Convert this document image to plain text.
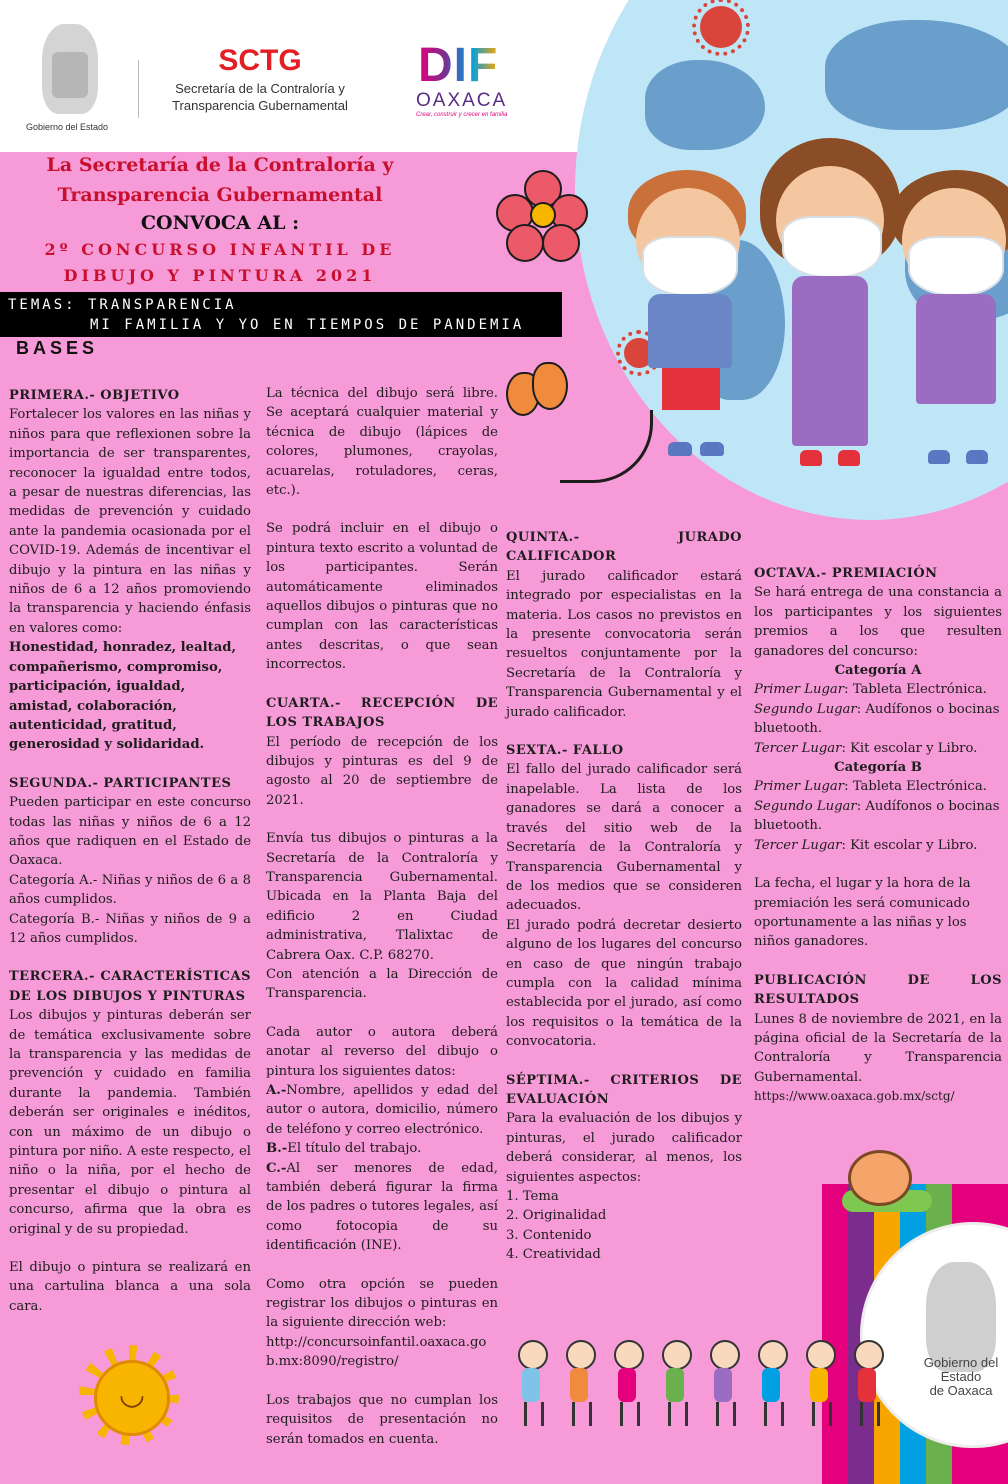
Gobierno del Estado
SCTG
Secretaría de la Contraloría y
Transparencia Gubernamental
DIF
OAXACA
Crear, construir y crecer en familia
La Secretaría de la Contraloría y
Transparencia Gubernamental
CONVOCA AL :
2º CONCURSO INFANTIL DE
DIBUJO Y PINTURA 2021
TEMAS: TRANSPARENCIA
MI FAMILIA Y YO EN TIEMPOS DE PANDEMIA
BASES

PRIMERA.- OBJETIVO

Fortalecer los valores en las niñas y niños para que reflexionen sobre la importancia de ser transparentes, reconocer la igualdad entre todos, a pesar de nuestras diferencias, las medidas de prevención y cuidado ante la pandemia ocasionada por el COVID-19. Además de incentivar el dibujo y la pintura en las niñas y niños de 6 a 12 años promoviendo la transparencia y haciendo énfasis en valores como:

Honestidad, honradez, lealtad, compañerismo, compromiso, participación, igualdad, amistad, colaboración, autenticidad, gratitud, generosidad y solidaridad.

SEGUNDA.- PARTICIPANTES

Pueden participar en este concurso todas las niñas y niños de 6 a 12 años que radiquen en el Estado de Oaxaca.

Categoría A.- Niñas y niños de 6 a 8 años cumplidos.

Categoría B.- Niñas y niños de 9 a 12 años cumplidos.

TERCERA.- CARACTERÍSTICAS DE LOS DIBUJOS Y PINTURAS

Los dibujos y pinturas deberán ser de temática exclusivamente sobre la transparencia y las medidas de prevención y cuidado en familia durante la pandemia. También deberán ser originales e inéditos, con un máximo de un dibujo o pintura por niño. A este respecto, el niño o la niña, por el hecho de presentar el dibujo o pintura al concurso, afirma que la obra es original y de su propiedad.

El dibujo o pintura se realizará en una cartulina blanca a una sola cara.

◡

La técnica del dibujo será libre. Se aceptará cualquier material y técnica de dibujo (lápices de colores, plumones, crayolas, acuarelas, rotuladores, ceras, etc.).

Se podrá incluir en el dibujo o pintura texto escrito a voluntad de los participantes. Serán automáticamente eliminados aquellos dibujos o pinturas que no cumplan con las características antes descritas, o que sean incorrectos.

CUARTA.- RECEPCIÓN DE LOS TRABAJOS

El período de recepción de los dibujos y pinturas es del 9 de agosto al 20 de septiembre de 2021.

Envía tus dibujos o pinturas a la Secretaría de la Contraloría y Transparencia Gubernamental. Ubicada en la Planta Baja del edificio 2 en Ciudad administrativa, Tlalixtac de Cabrera Oax. C.P. 68270.

Con atención a la Dirección de Transparencia.

Cada autor o autora deberá anotar al reverso del dibujo o pintura los siguientes datos:

A.-Nombre, apellidos y edad del autor o autora, domicilio, número de teléfono y correo electrónico.

B.-El título del trabajo.

C.-Al ser menores de edad, también deberá figurar la firma de los padres o tutores legales, así como fotocopia de su identificación (INE).

Como otra opción se pueden registrar los dibujos o pinturas en la siguiente dirección web:

http://concursoinfantil.oaxaca.gob.mx:8090/registro/

Los trabajos que no cumplan los requisitos de presentación no serán tomados en cuenta.

QUINTA.- JURADO CALIFICADOR

El jurado calificador estará integrado por especialistas en la materia. Los casos no previstos en la presente convocatoria serán resueltos conjuntamente por la Secretaría de la Contraloría y Transparencia Gubernamental y el jurado calificador.

SEXTA.- FALLO

El fallo del jurado calificador será inapelable. La lista de los ganadores se dará a conocer a través del sitio web de la Secretaría de la Contraloría y Transparencia Gubernamental y de los medios que se consideren adecuados.

El jurado podrá decretar desierto alguno de los lugares del concurso en caso de que ningún trabajo cumpla con la calidad mínima establecida por el jurado, así como los requisitos o la temática de la convocatoria.

SÉPTIMA.- CRITERIOS DE EVALUACIÓN

Para la evaluación de los dibujos y pinturas, el jurado calificador deberá considerar, al menos, los siguientes aspectos:

1. Tema

2. Originalidad

3. Contenido

4. Creatividad

OCTAVA.- PREMIACIÓN

Se hará entrega de una constancia a los participantes y los siguientes premios a los que resulten ganadores del concurso:

Categoría A

Primer Lugar: Tableta Electrónica.

Segundo Lugar: Audífonos o bocinas bluetooth.

Tercer Lugar: Kit escolar y Libro.

Categoría B

Primer Lugar: Tableta Electrónica.

Segundo Lugar: Audífonos o bocinas bluetooth.

Tercer Lugar: Kit escolar y Libro.

La fecha, el lugar y la hora de la premiación les será comunicado oportunamente a las niñas y los niños ganadores.

PUBLICACIÓN DE LOS RESULTADOS

Lunes 8 de noviembre de 2021, en la página oficial de la Secretaría de la Contraloría y Transparencia Gubernamental.

https://www.oaxaca.gob.mx/sctg/

Gobierno del Estado
de Oaxaca
